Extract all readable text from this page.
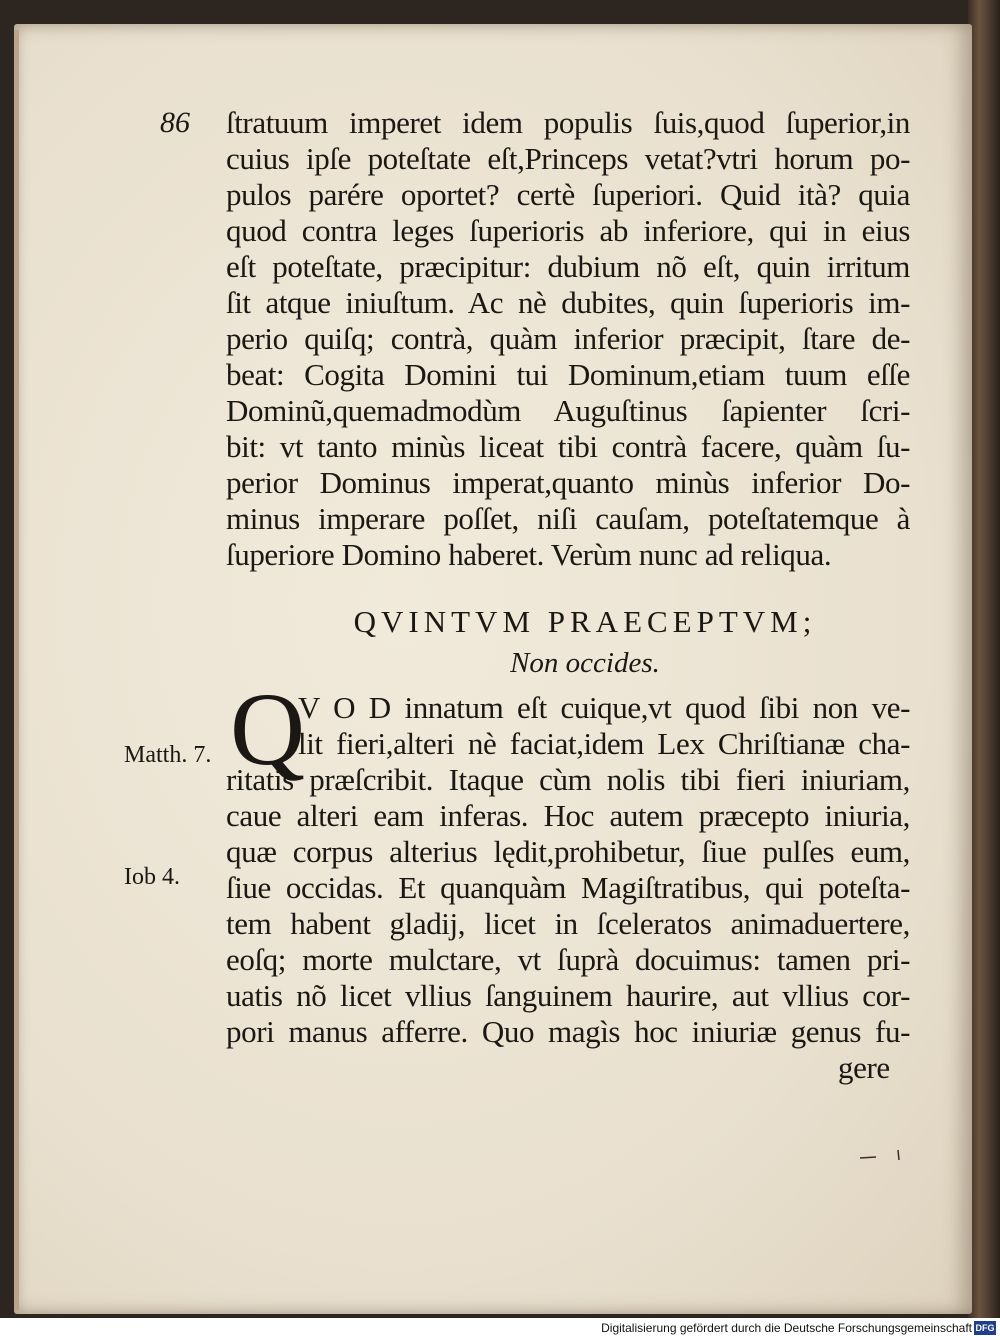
86	ſtratuum imperet idem populis ſuis,quod ſuperior,in
cuius ipſe poteſtate eſt,Princeps vetat?vtri horum po-
pulos parére oportet? certè ſuperiori. Quid ità? quia
quod contra leges ſuperioris ab inferiore, qui in eius
eſt poteſtate, præcipitur: dubium nõ eſt, quin irritum
ſit atque iniuſtum. Ac nè dubites, quin ſuperioris im-
perio quiſq; contrà, quàm inferior præcipit, ſtare de-
beat: Cogita Domini tui Dominum,etiam tuum eſſe
Dominũ,quemadmodùm Auguſtinus ſapienter ſcri-
bit: vt tanto minùs liceat tibi contrà facere, quàm ſu-
perior Dominus imperat,quanto minùs inferior Do-
minus imperare poſſet, niſi cauſam, poteſtatemque à
ſuperiore Domino haberet. Verùm nunc ad reliqua.
QVINTVM PRAECEPTVM;
Non occides.
Q
V O D innatum eſt cuique,vt quod ſibi non ve-
lit fieri,alteri nè faciat,idem Lex Chriſtianæ cha-
ritatis præſcribit. Itaque cùm nolis tibi fieri iniuriam,
caue alteri eam inferas. Hoc autem præcepto iniuria,
quæ corpus alterius lędit,prohibetur, ſiue pulſes eum,
ſiue occidas. Et quanquàm Magiſtratibus, qui poteſta-
tem habent gladij, licet in ſceleratos animaduertere,
eoſq; morte mulctare, vt ſuprà docuimus: tamen pri-
uatis nõ licet vllius ſanguinem haurire, aut vllius cor-
pori manus afferre. Quo magìs hoc iniuriæ genus fu-
gere
Matth. 7.
Iob 4.
Digitalisierung gefördert durch die Deutsche Forschungsgemeinschaft DFG
